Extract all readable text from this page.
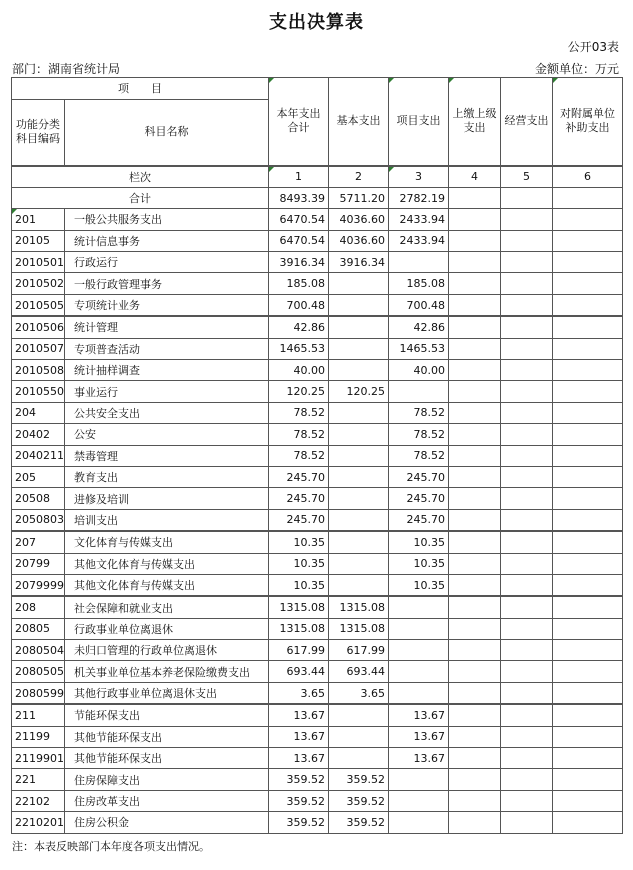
支出决算表
公开03表
部门：湖南省统计局	金额单位：万元
项　　目		本年支出合计	基本支出	项目支出	上缴上级支出	经营支出	对附属单位补助支出
功能分类科目编码	科目名称						
栏次		1	2	3	4	5	6
合计		8493.39	5711.20	2782.19			
201	一般公共服务支出	6470.54	4036.60	2433.94			
20105	统计信息事务	6470.54	4036.60	2433.94			
2010501	行政运行	3916.34	3916.34				
2010502	一般行政管理事务	185.08		185.08			
2010505	专项统计业务	700.48		700.48			
2010506	统计管理	42.86		42.86			
2010507	专项普查活动	1465.53		1465.53			
2010508	统计抽样调查	40.00		40.00			
2010550	事业运行	120.25	120.25				
204	公共安全支出	78.52		78.52			
20402	公安	78.52		78.52			
2040211	禁毒管理	78.52		78.52			
205	教育支出	245.70		245.70			
20508	进修及培训	245.70		245.70			
2050803	培训支出	245.70		245.70			
207	文化体育与传媒支出	10.35		10.35			
20799	其他文化体育与传媒支出	10.35		10.35			
2079999	其他文化体育与传媒支出	10.35		10.35			
208	社会保障和就业支出	1315.08	1315.08				
20805	行政事业单位离退休	1315.08	1315.08				
2080504	未归口管理的行政单位离退休	617.99	617.99				
2080505	机关事业单位基本养老保险缴费支出	693.44	693.44				
2080599	其他行政事业单位离退休支出	3.65	3.65				
211	节能环保支出	13.67		13.67			
21199	其他节能环保支出	13.67		13.67			
2119901	其他节能环保支出	13.67		13.67			
221	住房保障支出	359.52	359.52				
22102	住房改革支出	359.52	359.52				
2210201	住房公积金	359.52	359.52				
注：本表反映部门本年度各项支出情况。
